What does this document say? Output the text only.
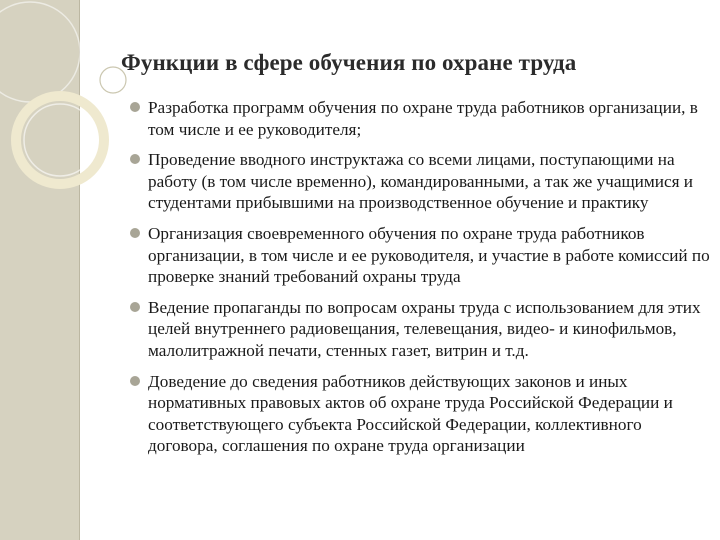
Функции в сфере обучения по охране труда
Разработка программ обучения по охране труда работников организации, в том числе и ее руководителя;
Проведение вводного инструктажа со всеми лицами, поступающими на работу (в том числе временно), командированными, а так же учащимися и студентами прибывшими на производственное обучение и практику
Организация своевременного обучения по охране труда работников организации, в том числе и ее руководителя, и участие в работе комиссий по проверке знаний требований охраны труда
Ведение пропаганды по вопросам охраны труда с использованием для этих целей внутреннего радиовещания, телевещания, видео- и кинофильмов, малолитражной печати, стенных газет, витрин и т.д.
Доведение до сведения работников действующих законов и иных нормативных правовых актов об охране труда Российской Федерации и соответствующего субъекта Российской Федерации, коллективного договора, соглашения по охране труда организации
